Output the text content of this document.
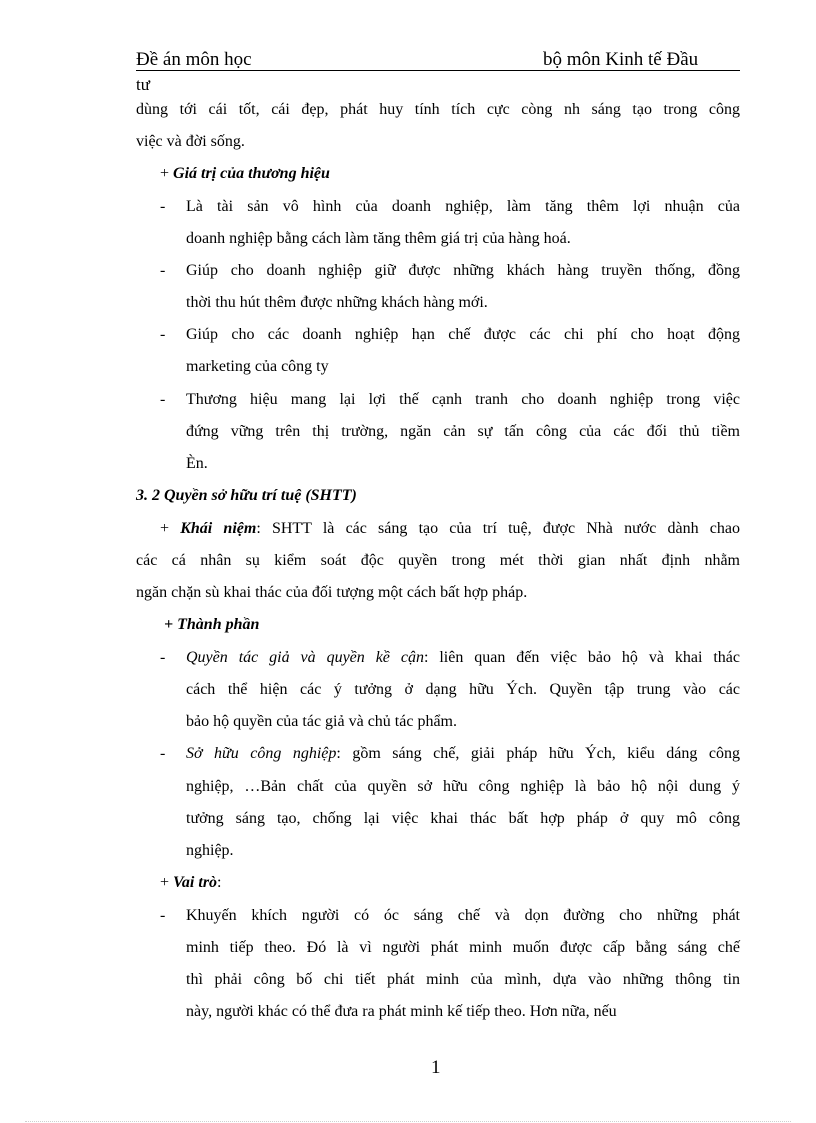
Đề án môn học	bộ môn Kinh tế Đầu
tư
dùng tới cái tốt, cái đẹp, phát huy tính tích cực còng nh sáng tạo trong công
việc và đời sống.
+ Giá trị của thương hiệu
- Là tài sản vô hình của doanh nghiệp, làm tăng thêm lợi nhuận của
doanh nghiệp bằng cách làm tăng thêm giá trị của hàng hoá.
- Giúp cho doanh nghiệp giữ được những khách hàng truyền thống, đồng
thời thu hút thêm được những khách hàng mới.
- Giúp cho các doanh nghiệp hạn chế được các chi phí cho hoạt động
marketing của công ty
- Thương hiệu mang lại lợi thế cạnh tranh cho doanh nghiệp trong việc
đứng vững trên thị trường, ngăn cản sự tấn công của các đối thủ tiềm
Èn.
3. 2 Quyền sở hữu trí tuệ (SHTT)
+ Khái niệm: SHTT là các sáng tạo của trí tuệ, được Nhà nước dành chao
các cá nhân sụ kiểm soát độc quyền trong mét thời gian nhất định nhằm
ngăn chặn sù khai thác của đối tượng một cách bất hợp pháp.
+ Thành phần
- Quyền tác giả và quyền kề cận: liên quan đến việc bảo hộ và khai thác
cách thể hiện các ý tưởng ở dạng hữu Ých. Quyền tập trung vào các
bảo hộ quyền của tác giả và chủ tác phẩm.
- Sở hữu công nghiệp: gồm sáng chế, giải pháp hữu Ých, kiểu dáng công
nghiệp, …Bản chất của quyền sở hữu công nghiệp là bảo hộ nội dung ý
tưởng sáng tạo, chống lại việc khai thác bất hợp pháp ở quy mô công
nghiệp.
+ Vai trò:
- Khuyến khích người có óc sáng chế và dọn đường cho những phát
minh tiếp theo. Đó là vì người phát minh muốn được cấp bằng sáng chế
thì phải công bố chi tiết phát minh của mình, dựa vào những thông tin
này, người khác có thể đưa ra phát minh kế tiếp theo. Hơn nữa, nếu
1
